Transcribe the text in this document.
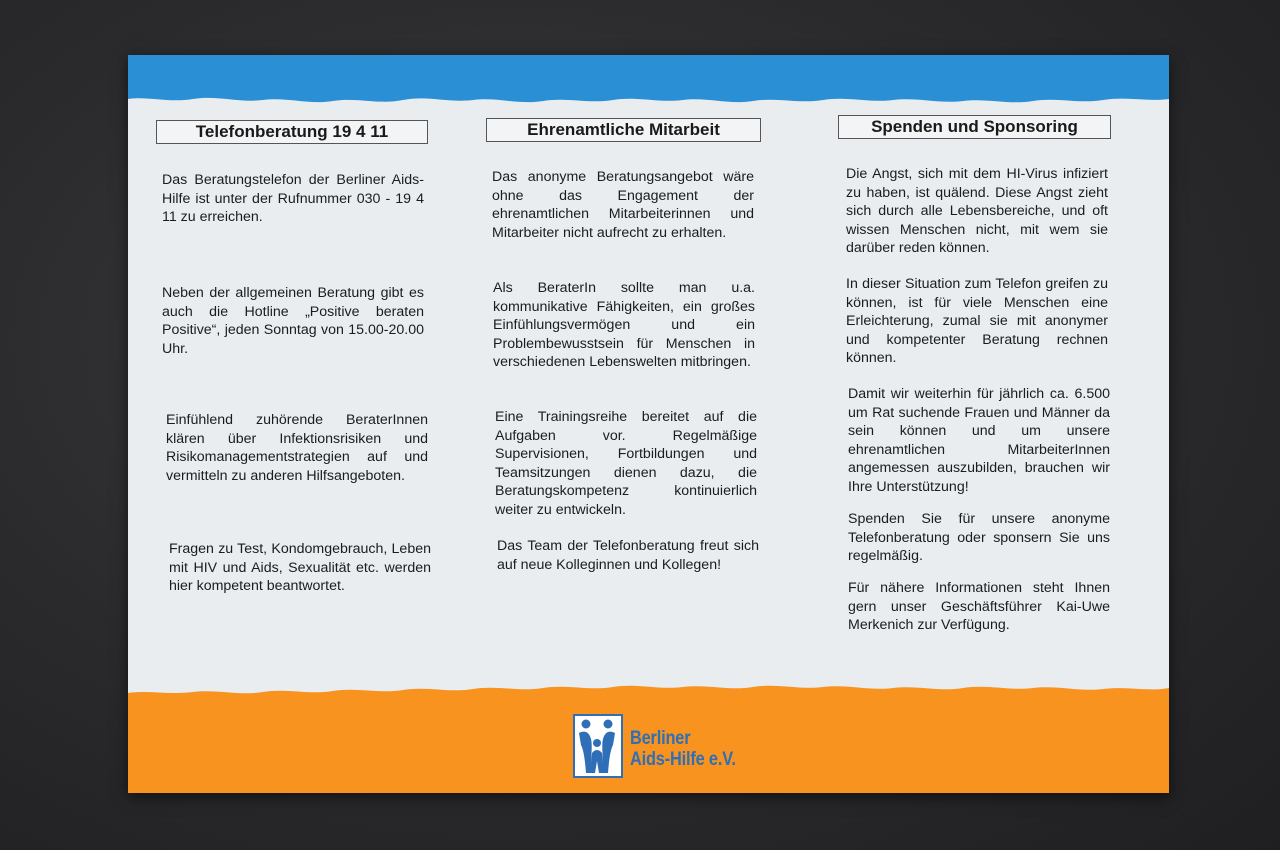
Telefonberatung 19 4 11

Das Beratungstelefon der Berliner Aids-Hilfe ist unter der Rufnummer 030 - 19 4 11 zu erreichen.

Neben der allgemeinen Beratung gibt es auch die Hotline „Positive beraten Positive“, jeden Sonntag von 15.00-20.00 Uhr.

Einfühlend zuhörende BeraterInnen klären über Infektionsrisiken und Risikomanagementstrategien auf und vermitteln zu anderen Hilfsangeboten.

Fragen zu Test, Kondomgebrauch, Leben mit HIV und Aids, Sexualität etc. werden hier kompetent beantwortet.

Ehrenamtliche Mitarbeit

Das anonyme Beratungsangebot wäre ohne das Engagement der ehrenamtlichen Mitarbeiterinnen und Mitarbeiter nicht aufrecht zu erhalten.

Als BeraterIn sollte man u.a. kommunikative Fähigkeiten, ein großes Einfühlungsvermögen und ein Problembewusstsein für Menschen in verschiedenen Lebenswelten mitbringen.

Eine Trainingsreihe bereitet auf die Aufgaben vor. Regelmäßige Supervisionen, Fortbildungen und Teamsitzungen dienen dazu, die Beratungskompetenz kontinuierlich weiter zu entwickeln.

Das Team der Telefonberatung freut sich auf neue Kolleginnen und Kollegen!

Spenden und Sponsoring

Die Angst, sich mit dem HI-Virus infiziert zu haben, ist quälend. Diese Angst zieht sich durch alle Lebensbereiche, und oft wissen Menschen nicht, mit wem sie darüber reden können.

In dieser Situation zum Telefon greifen zu können, ist für viele Menschen eine Erleichterung, zumal sie mit anonymer und kompetenter Beratung rechnen können.

Damit wir weiterhin für jährlich ca. 6.500 um Rat suchende Frauen und Männer da sein können und um unsere ehrenamtlichen MitarbeiterInnen angemessen auszubilden, brauchen wir Ihre Unterstützung!

Spenden Sie für unsere anonyme Telefonberatung oder sponsern Sie uns regelmäßig.

Für nähere Informationen steht Ihnen gern unser Geschäftsführer Kai-Uwe Merkenich zur Verfügung.

Berliner
Aids-Hilfe e.V.
